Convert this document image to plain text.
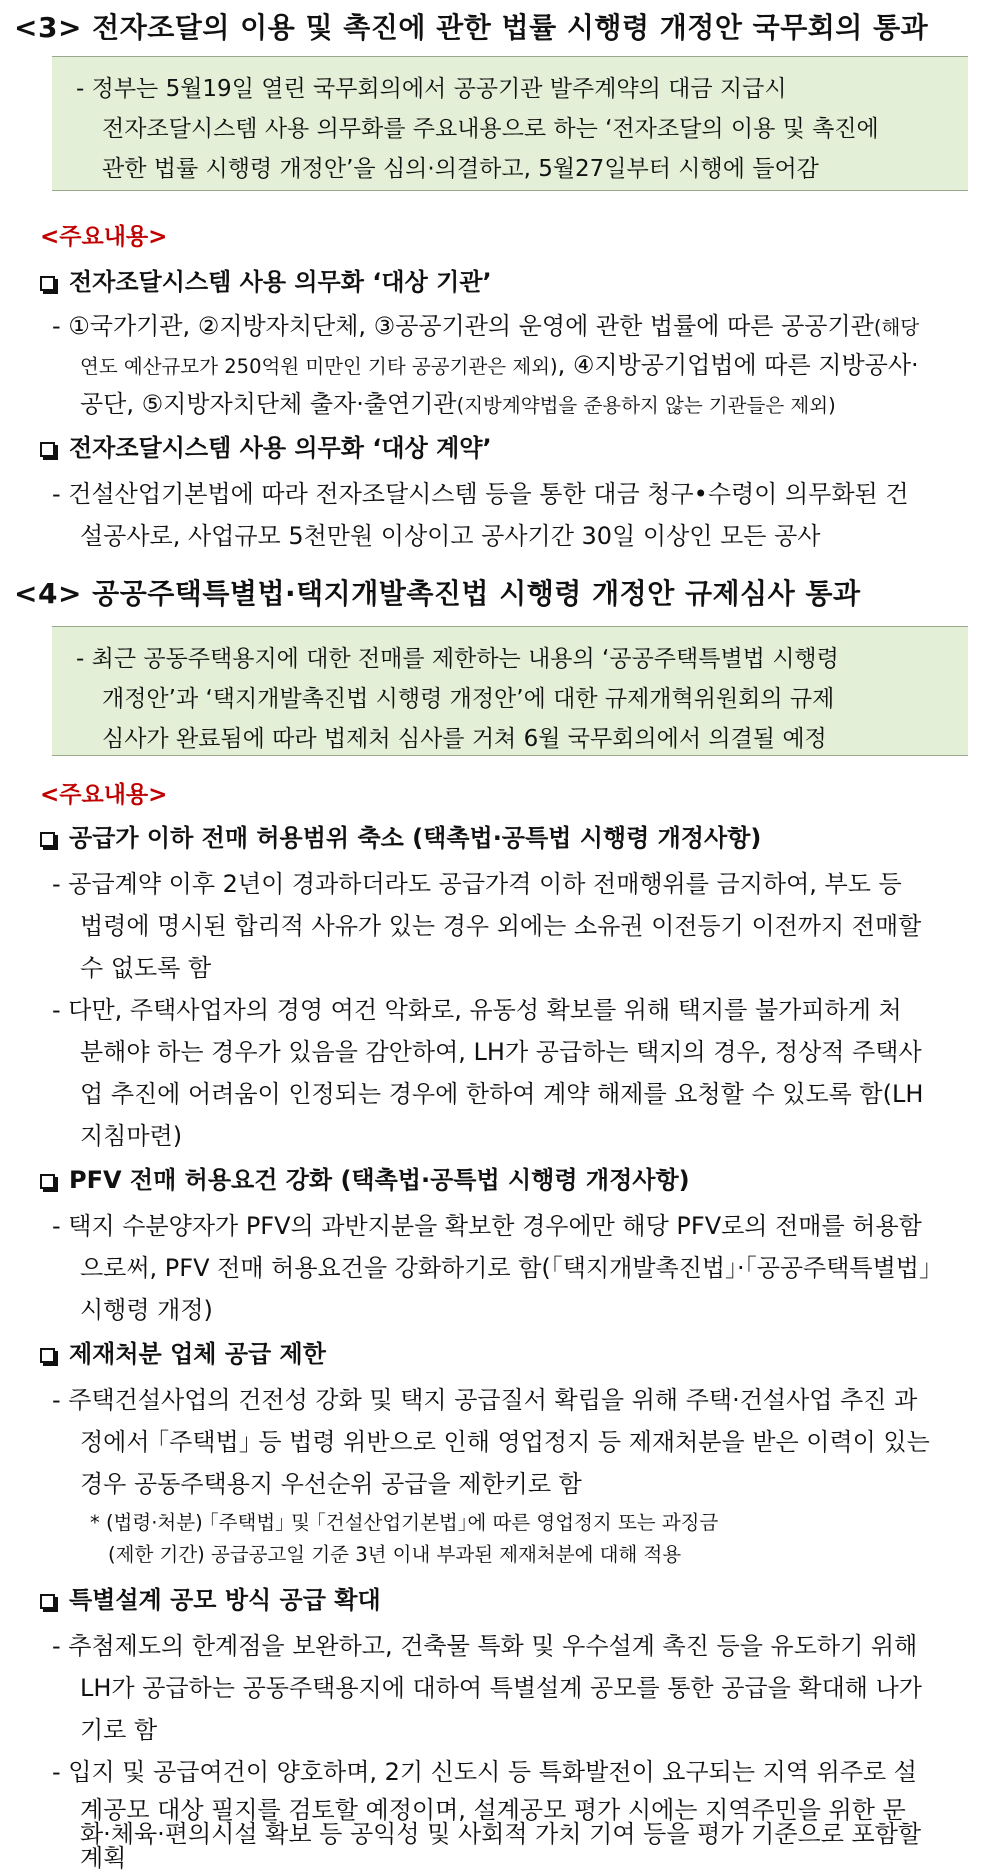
<3> 전자조달의 이용 및 촉진에 관한 법률 시행령 개정안 국무회의 통과
- 정부는 5월19일 열린 국무회의에서 공공기관 발주계약의 대금 지급시
전자조달시스템 사용 의무화를 주요내용으로 하는 ‘전자조달의 이용 및 촉진에
관한 법률 시행령 개정안’을 심의·의결하고, 5월27일부터 시행에 들어감
<주요내용>
전자조달시스템 사용 의무화 ‘대상 기관’
- ①국가기관, ②지방자치단체, ③공공기관의 운영에 관한 법률에 따른 공공기관(해당
연도 예산규모가 250억원 미만인 기타 공공기관은 제외), ④지방공기업법에 따른 지방공사·
공단, ⑤지방자치단체 출자·출연기관(지방계약법을 준용하지 않는 기관들은 제외)
전자조달시스템 사용 의무화 ‘대상 계약’
- 건설산업기본법에 따라 전자조달시스템 등을 통한 대금 청구•수령이 의무화된 건
설공사로, 사업규모 5천만원 이상이고 공사기간 30일 이상인 모든 공사
<4> 공공주택특별법·택지개발촉진법 시행령 개정안 규제심사 통과
- 최근 공동주택용지에 대한 전매를 제한하는 내용의 ‘공공주택특별법 시행령
개정안’과 ‘택지개발촉진법 시행령 개정안’에 대한 규제개혁위원회의 규제
심사가 완료됨에 따라 법제처 심사를 거쳐 6월 국무회의에서 의결될 예정
<주요내용>
공급가 이하 전매 허용범위 축소 (택촉법·공특법 시행령 개정사항)
- 공급계약 이후 2년이 경과하더라도 공급가격 이하 전매행위를 금지하여, 부도 등
법령에 명시된 합리적 사유가 있는 경우 외에는 소유권 이전등기 이전까지 전매할
수 없도록 함
- 다만, 주택사업자의 경영 여건 악화로, 유동성 확보를 위해 택지를 불가피하게 처
분해야 하는 경우가 있음을 감안하여, LH가 공급하는 택지의 경우, 정상적 주택사
업 추진에 어려움이 인정되는 경우에 한하여 계약 해제를 요청할 수 있도록 함(LH
지침마련)
PFV 전매 허용요건 강화 (택촉법·공특법 시행령 개정사항)
- 택지 수분양자가 PFV의 과반지분을 확보한 경우에만 해당 PFV로의 전매를 허용함
으로써, PFV 전매 허용요건을 강화하기로 함(｢택지개발촉진법｣·｢공공주택특별법｣
시행령 개정)
제재처분 업체 공급 제한
- 주택건설사업의 건전성 강화 및 택지 공급질서 확립을 위해 주택·건설사업 추진 과
정에서 ｢주택법｣ 등 법령 위반으로 인해 영업정지 등 제재처분을 받은 이력이 있는
경우 공동주택용지 우선순위 공급을 제한키로 함
* (법령·처분) ｢주택법｣ 및 ｢건설산업기본법｣에 따른 영업정지 또는 과징금
(제한 기간) 공급공고일 기준 3년 이내 부과된 제재처분에 대해 적용
특별설계 공모 방식 공급 확대
- 추첨제도의 한계점을 보완하고, 건축물 특화 및 우수설계 촉진 등을 유도하기 위해
LH가 공급하는 공동주택용지에 대하여 특별설계 공모를 통한 공급을 확대해 나가
기로 함
- 입지 및 공급여건이 양호하며, 2기 신도시 등 특화발전이 요구되는 지역 위주로 설
계공모 대상 필지를 검토할 예정이며, 설계공모 평가 시에는 지역주민을 위한 문
화·체육·편의시설 확보 등 공익성 및 사회적 가치 기여 등을 평가 기준으로 포함할
계획
